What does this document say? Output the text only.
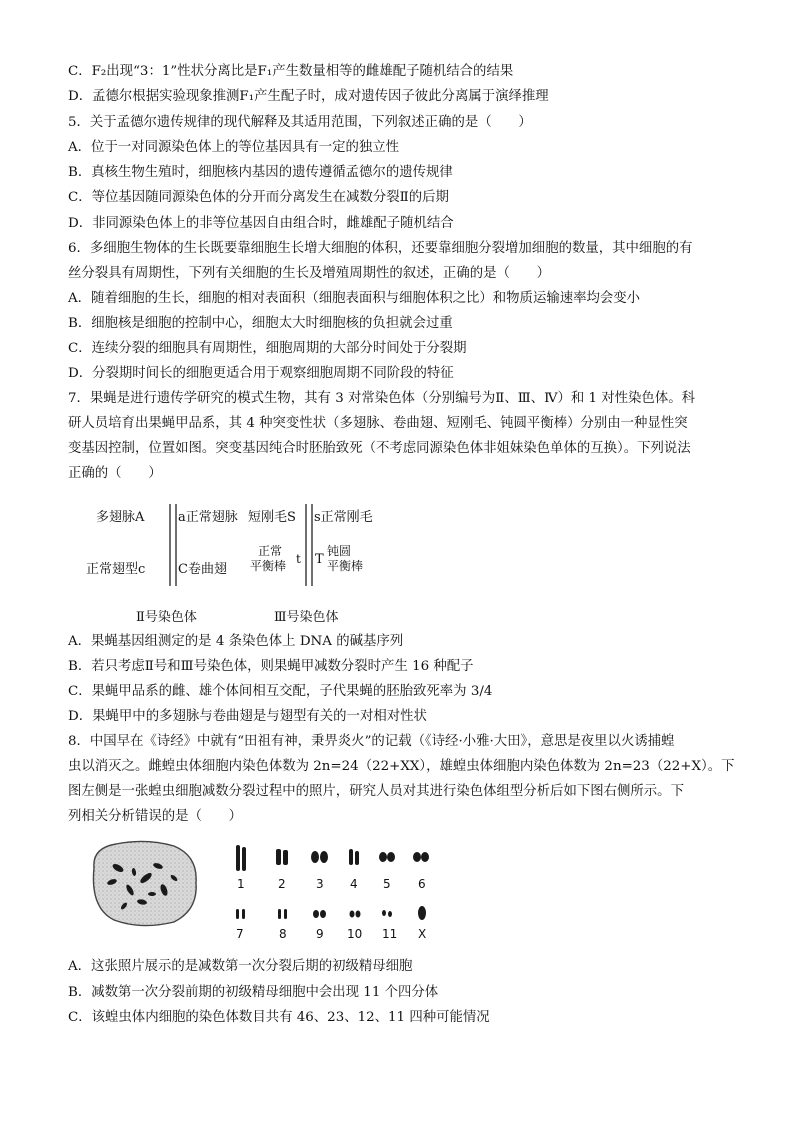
C．F₂出现“3：1”性状分离比是F₁产生数量相等的雌雄配子随机结合的结果
D．孟德尔根据实验现象推测F₁产生配子时，成对遗传因子彼此分离属于演绎推理
5．关于孟德尔遗传规律的现代解释及其适用范围，下列叙述正确的是（　　）
A．位于一对同源染色体上的等位基因具有一定的独立性
B．真核生物生殖时，细胞核内基因的遗传遵循孟德尔的遗传规律
C．等位基因随同源染色体的分开而分离发生在减数分裂Ⅱ的后期
D．非同源染色体上的非等位基因自由组合时，雌雄配子随机结合
6．多细胞生物体的生长既要靠细胞生长增大细胞的体积，还要靠细胞分裂增加细胞的数量，其中细胞的有
丝分裂具有周期性，下列有关细胞的生长及增殖周期性的叙述，正确的是（　　）
A．随着细胞的生长，细胞的相对表面积（细胞表面积与细胞体积之比）和物质运输速率均会变小
B．细胞核是细胞的控制中心，细胞太大时细胞核的负担就会过重
C．连续分裂的细胞具有周期性，细胞周期的大部分时间处于分裂期
D．分裂期时间长的细胞更适合用于观察细胞周期不同阶段的特征
7．果蝇是进行遗传学研究的模式生物，其有 3 对常染色体（分别编号为Ⅱ、Ⅲ、Ⅳ）和 1 对性染色体。科
研人员培育出果蝇甲品系，其 4 种突变性状（多翅脉、卷曲翅、短刚毛、钝圆平衡棒）分别由一种显性突
变基因控制，位置如图。突变基因纯合时胚胎致死（不考虑同源染色体非姐妹染色单体的互换）。下列说法
正确的（　　）
多翅脉A	a正常翅脉
正常翅型c	C卷曲翅
Ⅱ号染色体
短刚毛S s正常刚毛
正常
平衡棒 t T
钝圆
平衡棒
Ⅲ号染色体
A．果蝇基因组测定的是 4 条染色体上 DNA 的碱基序列
B．若只考虑Ⅱ号和Ⅲ号染色体，则果蝇甲减数分裂时产生 16 种配子
C．果蝇甲品系的雌、雄个体间相互交配，子代果蝇的胚胎致死率为 3/4
D．果蝇甲中的多翅脉与卷曲翅是与翅型有关的一对相对性状
8．中国早在《诗经》中就有“田祖有神，秉畀炎火”的记载（《诗经·小雅·大田》，意思是夜里以火诱捕蝗
虫以消灭之。雌蝗虫体细胞内染色体数为 2n=24（22+XX），雄蝗虫体细胞内染色体数为 2n=23（22+X）。下
图左侧是一张蝗虫细胞减数分裂过程中的照片，研究人员对其进行染色体组型分析后如下图右侧所示。下
列相关分析错误的是（　　）
1	2	3 4 5 6
7	8 9 10 11 X
A．这张照片展示的是减数第一次分裂后期的初级精母细胞
B．减数第一次分裂前期的初级精母细胞中会出现 11 个四分体
C．该蝗虫体内细胞的染色体数目共有 46、23、12、11 四种可能情况
